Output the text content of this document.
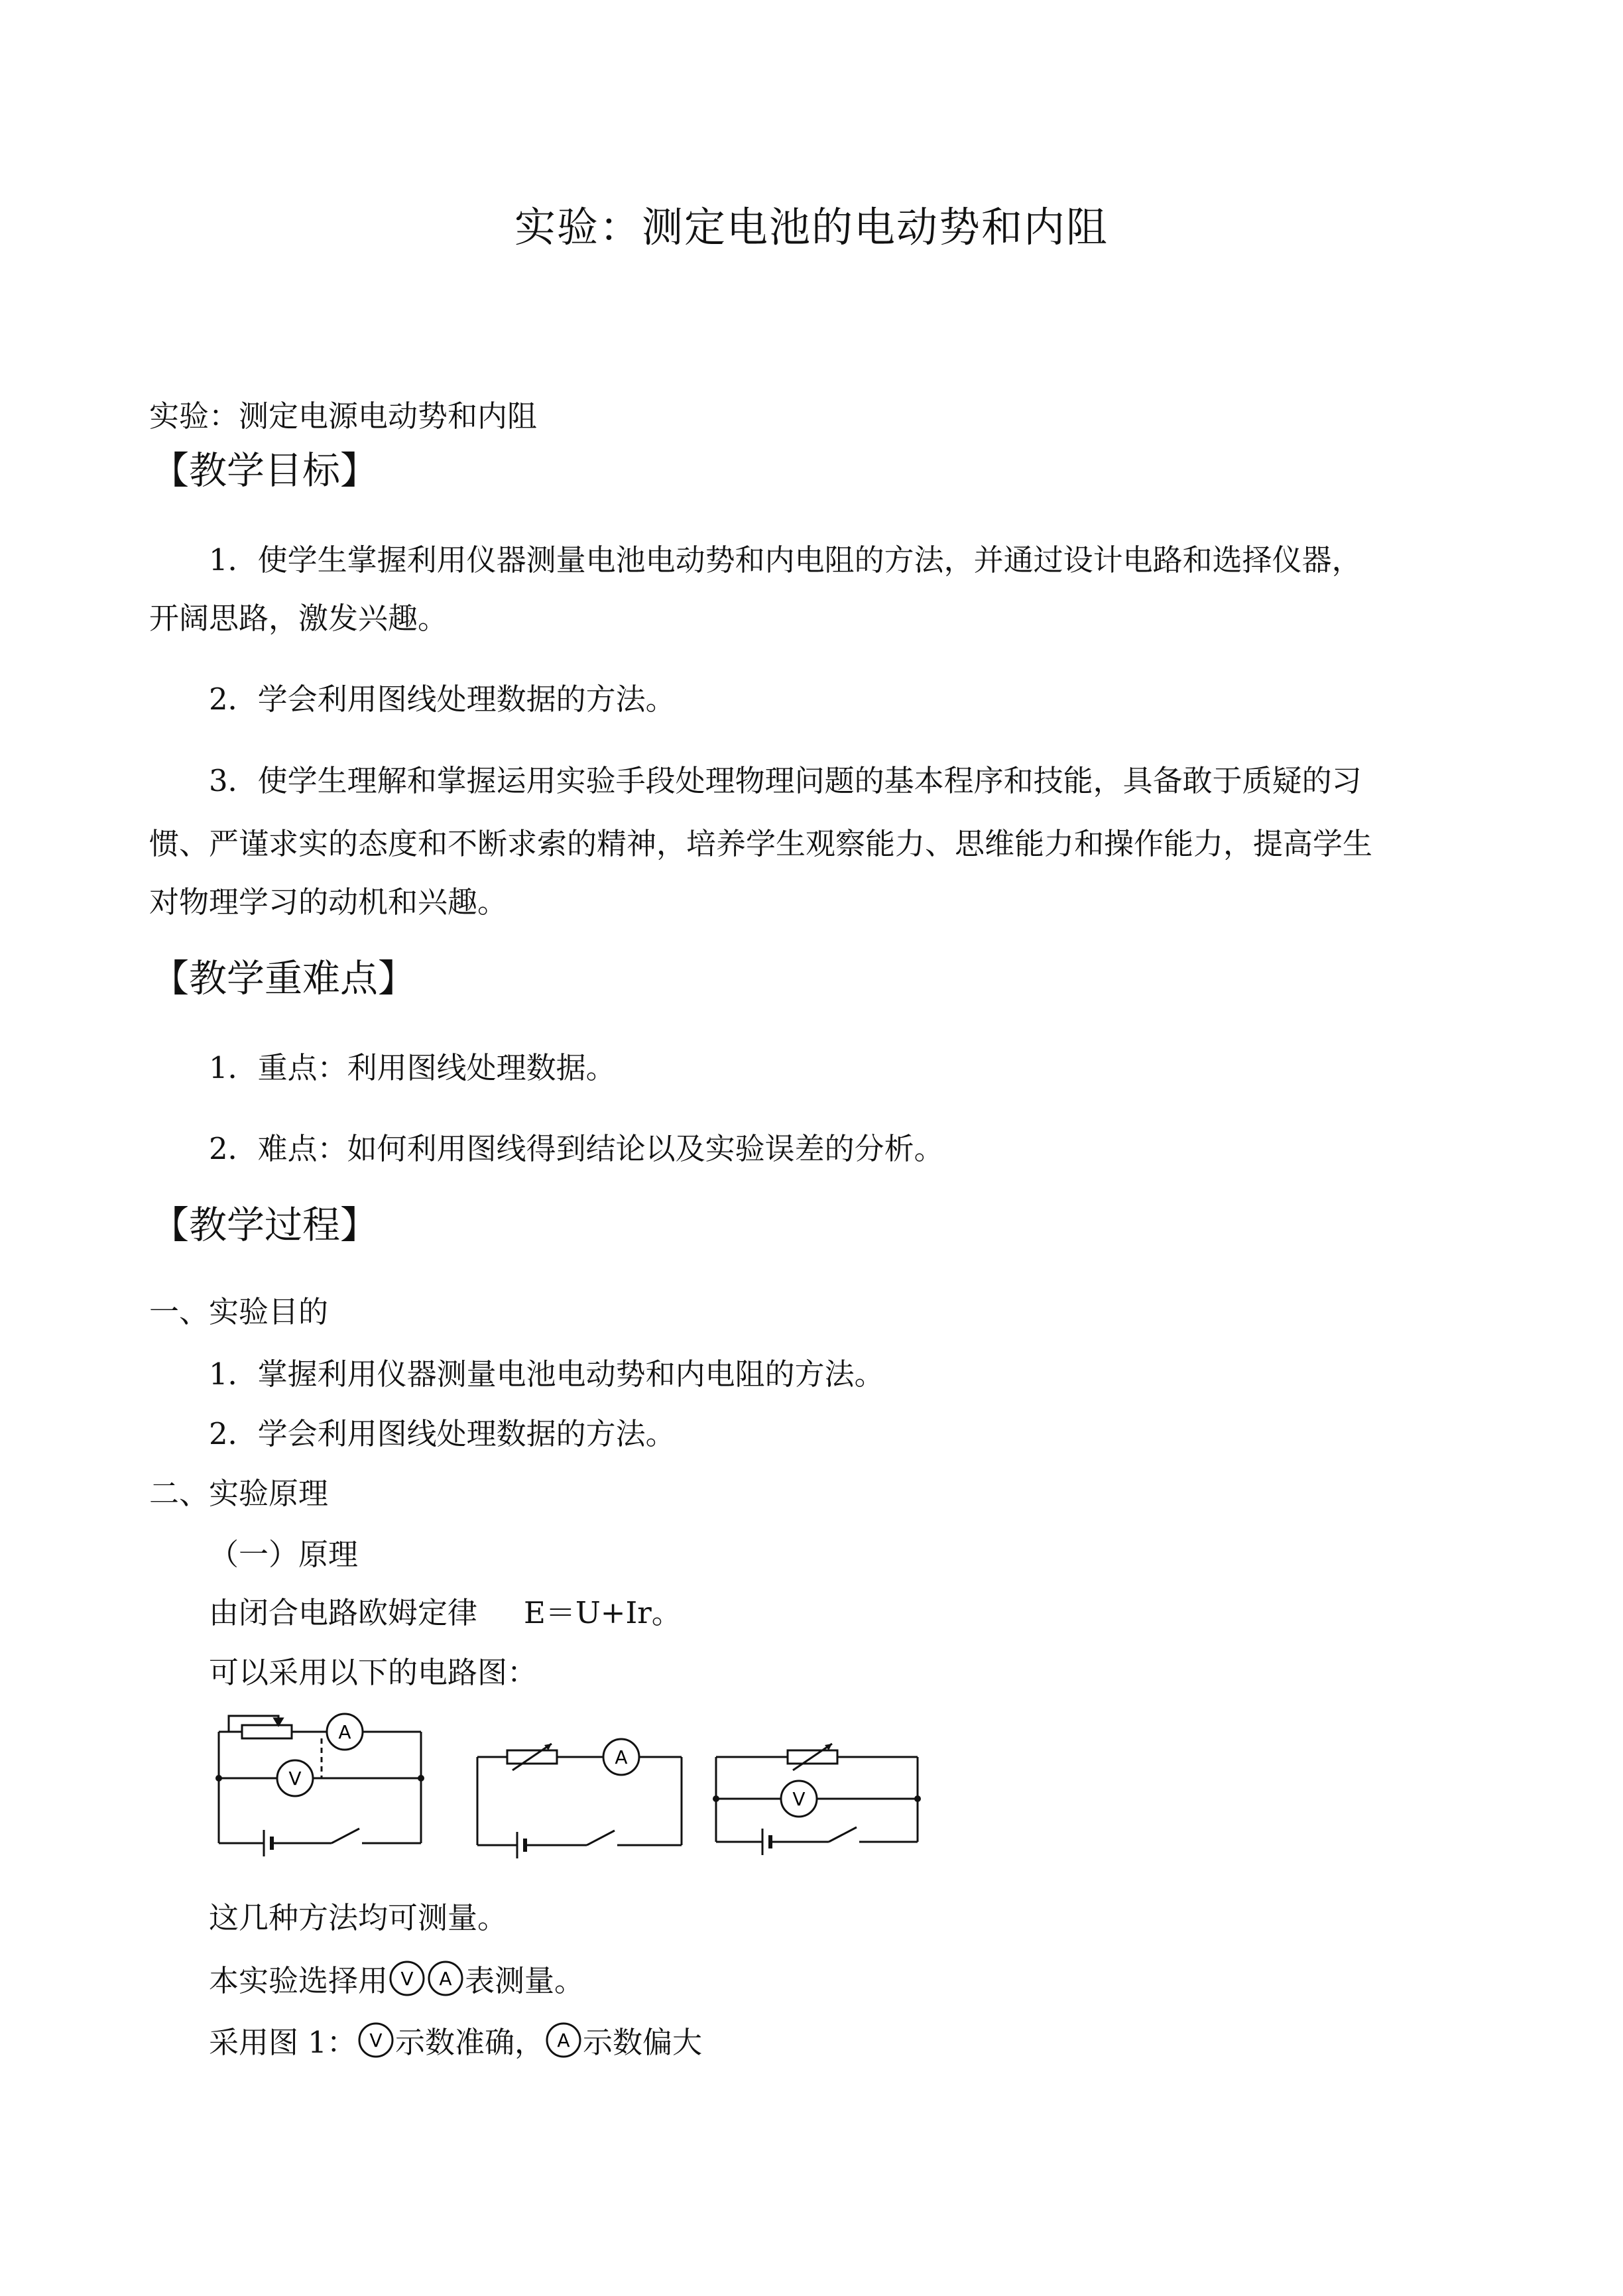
实验：测定电池的电动势和内阻
实验：测定电源电动势和内阻
【教学目标】
1．使学生掌握利用仪器测量电池电动势和内电阻的方法，并通过设计电路和选择仪器，
开阔思路，激发兴趣。
2．学会利用图线处理数据的方法。
3．使学生理解和掌握运用实验手段处理物理问题的基本程序和技能，具备敢于质疑的习
惯、严谨求实的态度和不断求索的精神，培养学生观察能力、思维能力和操作能力，提高学生
对物理学习的动机和兴趣。
【教学重难点】
1．重点：利用图线处理数据。
2．难点：如何利用图线得到结论以及实验误差的分析。
【教学过程】
一、实验目的
1．掌握利用仪器测量电池电动势和内电阻的方法。
2．学会利用图线处理数据的方法。
二、实验原理
（一）原理
由闭合电路欧姆定律 E＝U+Ir。
可以采用以下的电路图：
A
V
A
V
这几种方法均可测量。
本实验选择用 V A 表测量。
采用图 1： V 示数准确， A 示数偏大
